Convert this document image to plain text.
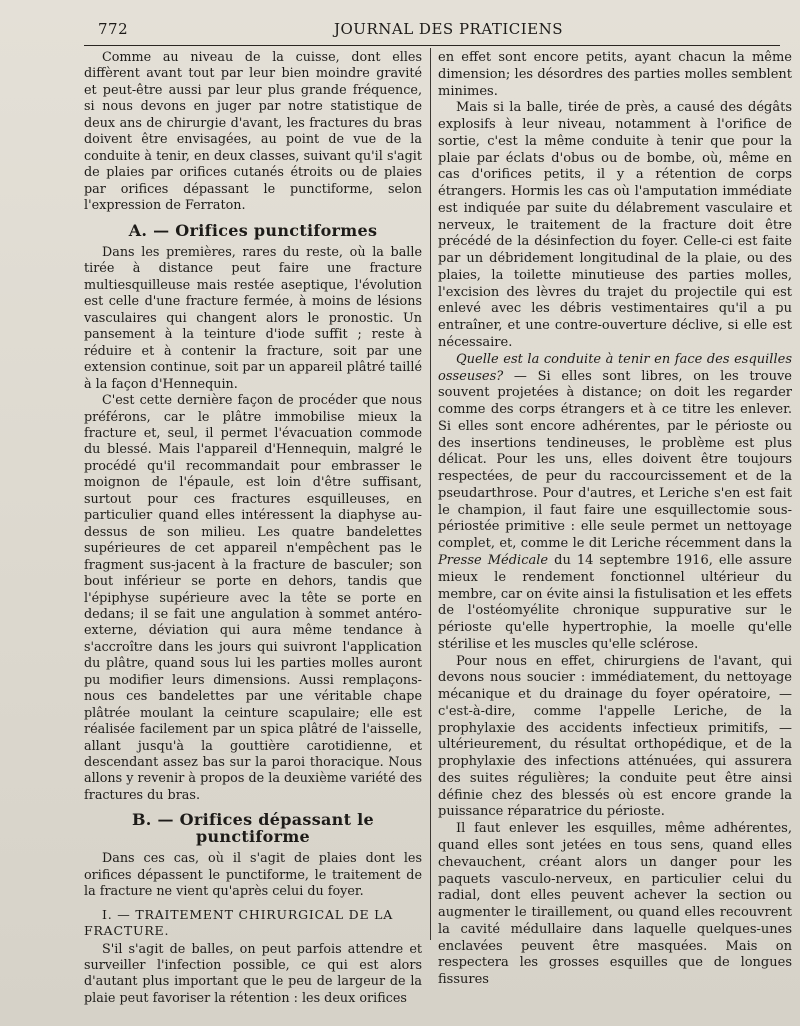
772	JOURNAL DES PRATICIENS

Comme au niveau de la cuisse, dont elles diffèrent avant tout par leur bien moindre gravité et peut-être aussi par leur plus grande fréquence, si nous devons en juger par notre statistique de deux ans de chirurgie d'avant, les fractures du bras doivent être envisagées, au point de vue de la conduite à tenir, en deux classes, suivant qu'il s'agit de plaies par orifices cutanés étroits ou de plaies par orifices dépassant le punctiforme, selon l'expression de Ferraton.

A. — Orifices punctiformes

Dans les premières, rares du reste, où la balle tirée à distance peut faire une fracture multiesquilleuse mais restée aseptique, l'évolution est celle d'une fracture fermée, à moins de lésions vasculaires qui changent alors le pronostic. Un pansement à la teinture d'iode suffit ; reste à réduire et à contenir la fracture, soit par une extension continue, soit par un appareil plâtré taillé à la façon d'Hennequin.

C'est cette dernière façon de procéder que nous préférons, car le plâtre immobilise mieux la fracture et, seul, il permet l'évacuation commode du blessé. Mais l'appareil d'Hennequin, malgré le procédé qu'il recommandait pour embrasser le moignon de l'épaule, est loin d'être suffisant, surtout pour ces fractures esquilleuses, en particulier quand elles intéressent la diaphyse au-dessus de son milieu. Les quatre bandelettes supérieures de cet appareil n'empêchent pas le fragment sus-jacent à la fracture de basculer; son bout inférieur se porte en dehors, tandis que l'épiphyse supérieure avec la tête se porte en dedans; il se fait une angulation à sommet antéro-externe, déviation qui aura même tendance à s'accroître dans les jours qui suivront l'application du plâtre, quand sous lui les parties molles auront pu modifier leurs dimensions. Aussi remplaçons-nous ces bandelettes par une véritable chape plâtrée moulant la ceinture scapulaire; elle est réalisée facilement par un spica plâtré de l'aisselle, allant jusqu'à la gouttière carotidienne, et descendant assez bas sur la paroi thoracique. Nous allons y revenir à propos de la deuxième variété des fractures du bras.

B. — Orifices dépassant le punctiforme

Dans ces cas, où il s'agit de plaies dont les orifices dépassent le punctiforme, le traitement de la fracture ne vient qu'après celui du foyer.

I. — TRAITEMENT CHIRURGICAL DE LA FRACTURE.

S'il s'agit de balles, on peut parfois attendre et surveiller l'infection possible, ce qui est alors d'autant plus important que le peu de largeur de la plaie peut favoriser la rétention : les deux orifices

en effet sont encore petits, ayant chacun la même dimension; les désordres des parties molles semblent minimes.

Mais si la balle, tirée de près, a causé des dégâts explosifs à leur niveau, notamment à l'orifice de sortie, c'est la même conduite à tenir que pour la plaie par éclats d'obus ou de bombe, où, même en cas d'orifices petits, il y a rétention de corps étrangers. Hormis les cas où l'amputation immédiate est indiquée par suite du délabrement vasculaire et nerveux, le traitement de la fracture doit être précédé de la désinfection du foyer. Celle-ci est faite par un débridement longitudinal de la plaie, ou des plaies, la toilette minutieuse des parties molles, l'excision des lèvres du trajet du projectile qui est enlevé avec les débris vestimentaires qu'il a pu entraîner, et une contre-ouverture déclive, si elle est nécessaire.

Quelle est la conduite à tenir en face des esquilles osseuses? — Si elles sont libres, on les trouve souvent projetées à distance; on doit les regarder comme des corps étrangers et à ce titre les enlever. Si elles sont encore adhérentes, par le périoste ou des insertions tendineuses, le problème est plus délicat. Pour les uns, elles doivent être toujours respectées, de peur du raccourcissement et de la pseudarthrose. Pour d'autres, et Leriche s'en est fait le champion, il faut faire une esquillectomie sous-périostée primitive : elle seule permet un nettoyage complet, et, comme le dit Leriche récemment dans la Presse Médicale du 14 septembre 1916, elle assure mieux le rendement fonctionnel ultérieur du membre, car on évite ainsi la fistulisation et les effets de l'ostéomyélite chronique suppurative sur le périoste qu'elle hypertrophie, la moelle qu'elle stérilise et les muscles qu'elle sclérose.

Pour nous en effet, chirurgiens de l'avant, qui devons nous soucier : immédiatement, du nettoyage mécanique et du drainage du foyer opératoire, — c'est-à-dire, comme l'appelle Leriche, de la prophylaxie des accidents infectieux primitifs, — ultérieurement, du résultat orthopédique, et de la prophylaxie des infections atténuées, qui assurera des suites régulières; la conduite peut être ainsi définie chez des blessés où est encore grande la puissance réparatrice du périoste.

Il faut enlever les esquilles, même adhérentes, quand elles sont jetées en tous sens, quand elles chevauchent, créant alors un danger pour les paquets vasculo-nerveux, en particulier celui du radial, dont elles peuvent achever la section ou augmenter le tiraillement, ou quand elles recouvrent la cavité médullaire dans laquelle quelques-unes enclavées peuvent être masquées. Mais on respectera les grosses esquilles que de longues fissures
